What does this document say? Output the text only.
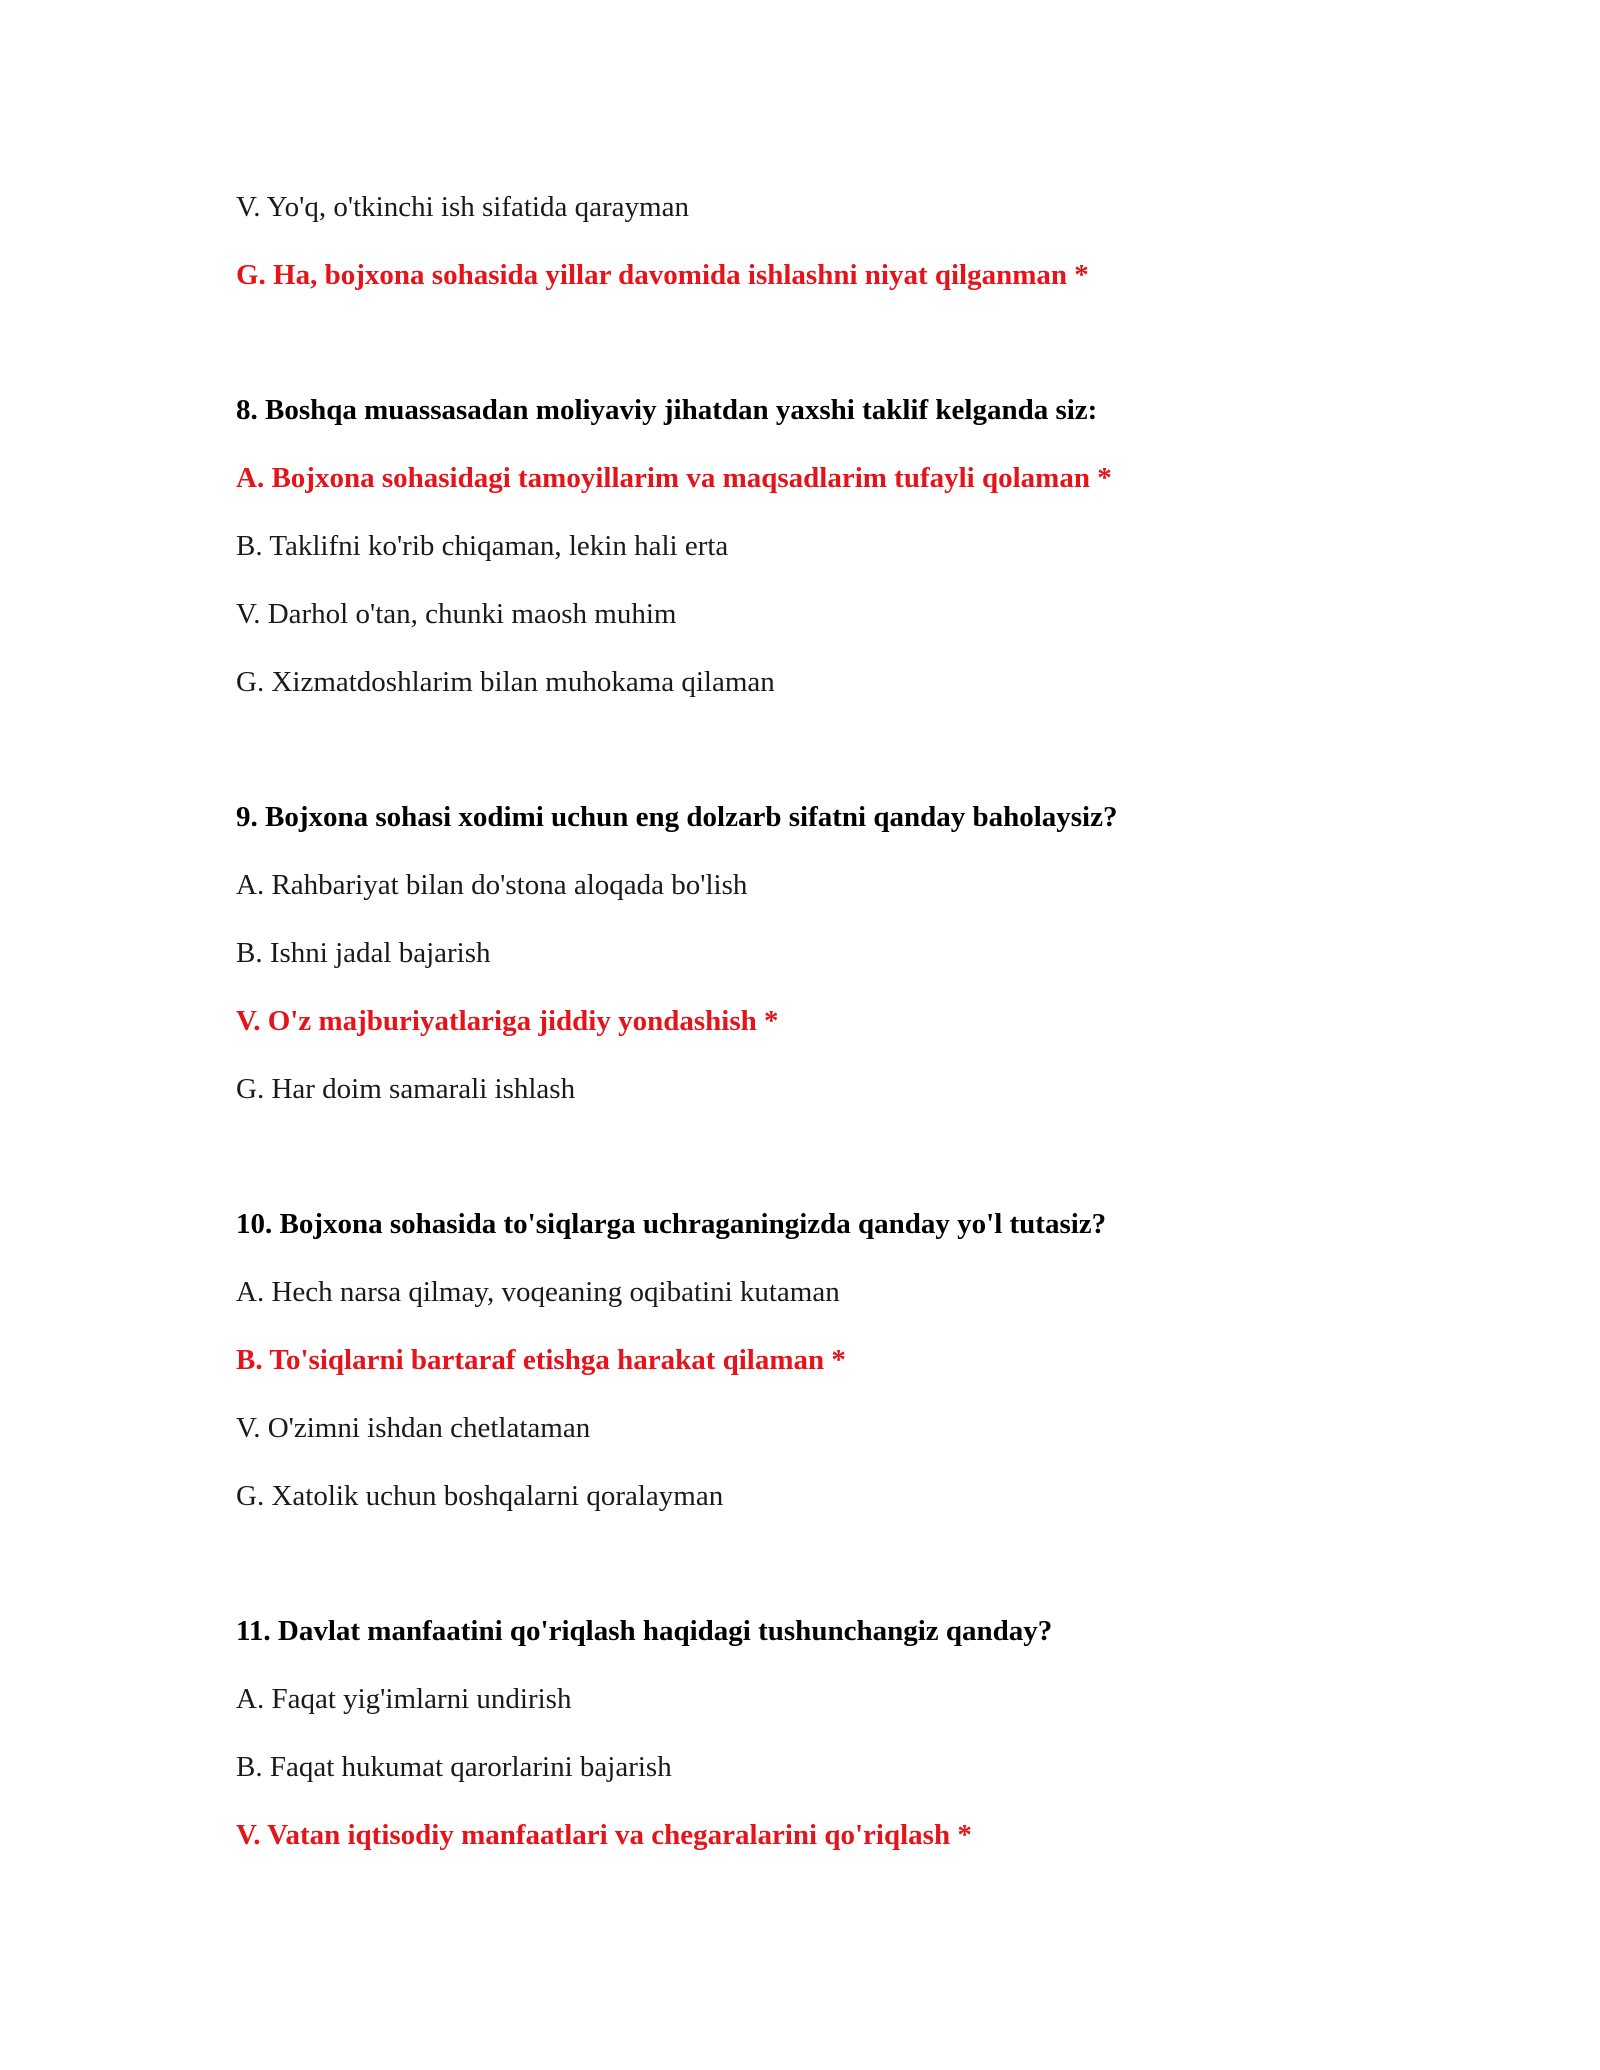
V. Yo'q, o'tkinchi ish sifatida qarayman
G. Ha, bojxona sohasida yillar davomida ishlashni niyat qilganman *
8. Boshqa muassasadan moliyaviy jihatdan yaxshi taklif kelganda siz:
A. Bojxona sohasidagi tamoyillarim va maqsadlarim tufayli qolaman *
B. Taklifni ko'rib chiqaman, lekin hali erta
V. Darhol o'tan, chunki maosh muhim
G. Xizmatdoshlarim bilan muhokama qilaman
9. Bojxona sohasi xodimi uchun eng dolzarb sifatni qanday baholaysiz?
A. Rahbariyat bilan do'stona aloqada bo'lish
B. Ishni jadal bajarish
V. O'z majburiyatlariga jiddiy yondashish *
G. Har doim samarali ishlash
10. Bojxona sohasida to'siqlarga uchraganingizda qanday yo'l tutasiz?
A. Hech narsa qilmay, voqeaning oqibatini kutaman
B. To'siqlarni bartaraf etishga harakat qilaman *
V. O'zimni ishdan chetlataman
G. Xatolik uchun boshqalarni qoralayman
11. Davlat manfaatini qo'riqlash haqidagi tushunchangiz qanday?
A. Faqat yig'imlarni undirish
B. Faqat hukumat qarorlarini bajarish
V. Vatan iqtisodiy manfaatlari va chegaralarini qo'riqlash *
